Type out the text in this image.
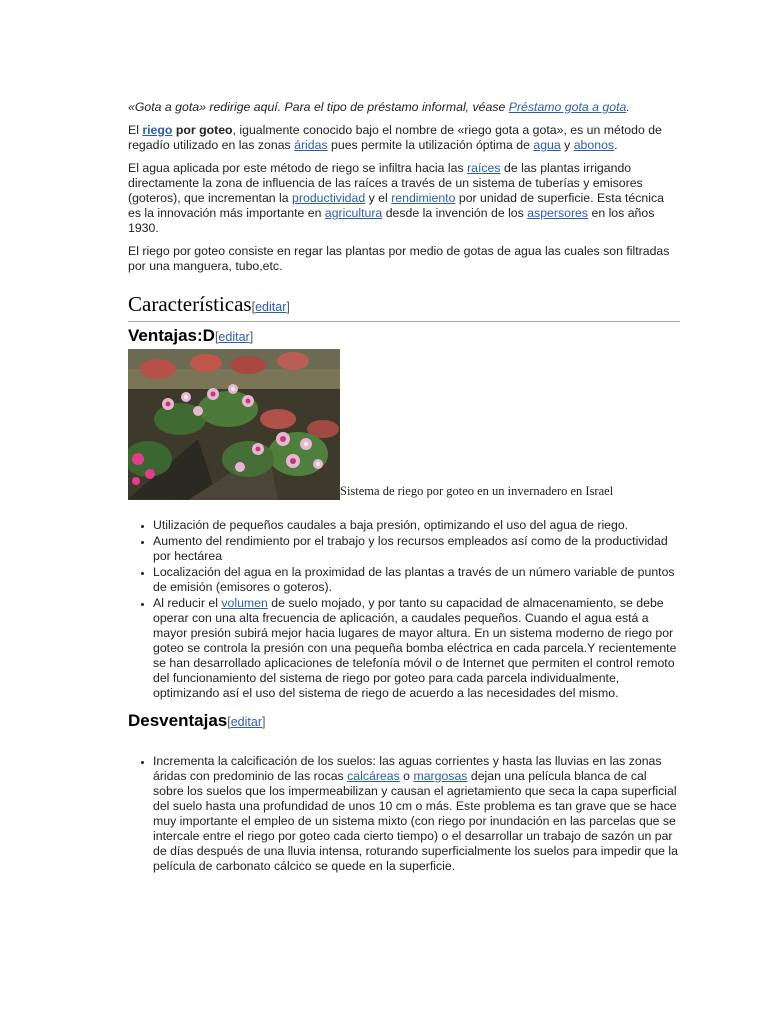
«Gota a gota» redirige aquí. Para el tipo de préstamo informal, véase Préstamo gota a gota.

El riego por goteo, igualmente conocido bajo el nombre de «riego gota a gota», es un método de regadío utilizado en las zonas áridas pues permite la utilización óptima de agua y abonos.

El agua aplicada por este método de riego se infiltra hacia las raíces de las plantas irrigando directamente la zona de influencia de las raíces a través de un sistema de tuberías y emisores (goteros), que incrementan la productividad y el rendimiento por unidad de superficie. Esta técnica es la innovación más importante en agricultura desde la invención de los aspersores en los años 1930.

El riego por goteo consiste en regar las plantas por medio de gotas de agua las cuales son filtradas por una manguera, tubo,etc.

Características[editar]
Ventajas:D[editar]
Sistema de riego por goteo en un invernadero en Israel
• Utilización de pequeños caudales a baja presión, optimizando el uso del agua de riego.
• Aumento del rendimiento por el trabajo y los recursos empleados así como de la productividad por hectárea
• Localización del agua en la proximidad de las plantas a través de un número variable de puntos de emisión (emisores o goteros).
• Al reducir el volumen de suelo mojado, y por tanto su capacidad de almacenamiento, se debe operar con una alta frecuencia de aplicación, a caudales pequeños. Cuando el agua está a mayor presión subirá mejor hacia lugares de mayor altura. En un sistema moderno de riego por goteo se controla la presión con una pequeña bomba eléctrica en cada parcela.Y recientemente se han desarrollado aplicaciones de telefonía móvil o de Internet que permiten el control remoto del funcionamiento del sistema de riego por goteo para cada parcela individualmente, optimizando así el uso del sistema de riego de acuerdo a las necesidades del mismo.
Desventajas[editar]
• Incrementa la calcificación de los suelos: las aguas corrientes y hasta las lluvias en las zonas áridas con predominio de las rocas calcáreas o margosas dejan una película blanca de cal sobre los suelos que los impermeabilizan y causan el agrietamiento que seca la capa superficial del suelo hasta una profundidad de unos 10 cm o más. Este problema es tan grave que se hace muy importante el empleo de un sistema mixto (con riego por inundación en las parcelas que se intercale entre el riego por goteo cada cierto tiempo) o el desarrollar un trabajo de sazón un par de días después de una lluvia intensa, roturando superficialmente los suelos para impedir que la película de carbonato cálcico se quede en la superficie.
